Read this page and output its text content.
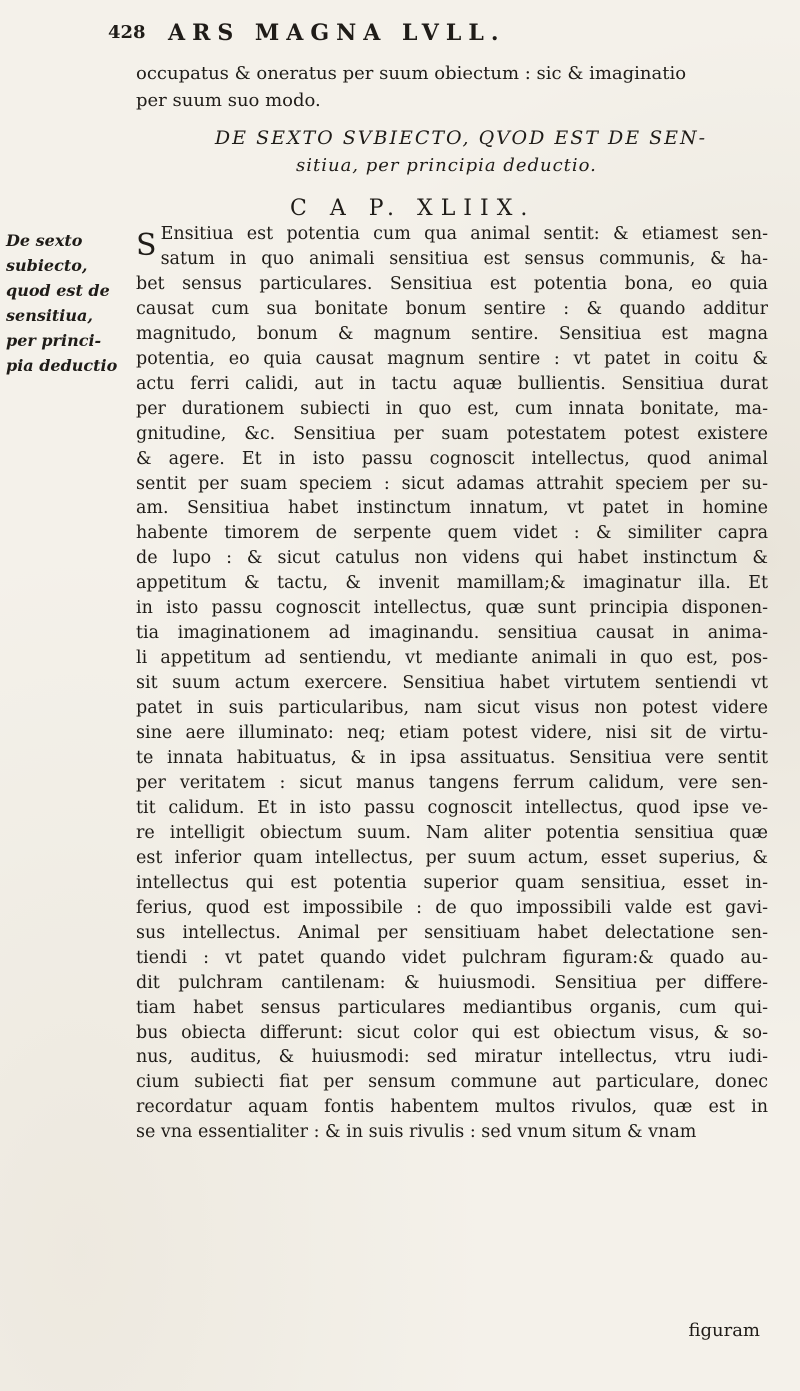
428 ARS MAGNA LVLL.
occupatus & oneratus per suum obiectum : sic & imaginatio
per suum suo modo.
DE SEXTO SVBIECTO, QVOD EST DE SEN-
sitiua, per principia deductio.
C A P. XLIIX.
De sexto
subiecto,
quod est de
sensitiua,
per princi-
pia deductio
S Ensitiua est potentia cum qua animal sentit: & etiamest sen-
satum in quo animali sensitiua est sensus communis, & ha-
bet sensus particulares. Sensitiua est potentia bona, eo quia
causat cum sua bonitate bonum sentire : & quando additur
magnitudo, bonum & magnum sentire. Sensitiua est magna
potentia, eo quia causat magnum sentire : vt patet in coitu &
actu ferri calidi, aut in tactu aquæ bullientis. Sensitiua durat
per durationem subiecti in quo est, cum innata bonitate, ma-
gnitudine, &c. Sensitiua per suam potestatem potest existere
& agere. Et in isto passu cognoscit intellectus, quod animal
sentit per suam speciem : sicut adamas attrahit speciem per su-
am. Sensitiua habet instinctum innatum, vt patet in homine
habente timorem de serpente quem videt : & similiter capra
de lupo : & sicut catulus non videns qui habet instinctum &
appetitum & tactu, & invenit mamillam;& imaginatur illa. Et
in isto passu cognoscit intellectus, quæ sunt principia disponen-
tia imaginationem ad imaginandu. sensitiua causat in anima-
li appetitum ad sentiendu, vt mediante animali in quo est, pos-
sit suum actum exercere. Sensitiua habet virtutem sentiendi vt
patet in suis particularibus, nam sicut visus non potest videre
sine aere illuminato: neq; etiam potest videre, nisi sit de virtu-
te innata habituatus, & in ipsa assituatus. Sensitiua vere sentit
per veritatem : sicut manus tangens ferrum calidum, vere sen-
tit calidum. Et in isto passu cognoscit intellectus, quod ipse ve-
re intelligit obiectum suum. Nam aliter potentia sensitiua quæ
est inferior quam intellectus, per suum actum, esset superius, &
intellectus qui est potentia superior quam sensitiua, esset in-
ferius, quod est impossibile : de quo impossibili valde est gavi-
sus intellectus. Animal per sensitiuam habet delectatione sen-
tiendi : vt patet quando videt pulchram figuram:& quado au-
dit pulchram cantilenam: & huiusmodi. Sensitiua per differe-
tiam habet sensus particulares mediantibus organis, cum qui-
bus obiecta differunt: sicut color qui est obiectum visus, & so-
nus, auditus, & huiusmodi: sed miratur intellectus, vtru iudi-
cium subiecti fiat per sensum commune aut particulare, donec
recordatur aquam fontis habentem multos rivulos, quæ est in
se vna essentialiter : & in suis rivulis : sed vnum situm & vnam
figuram
